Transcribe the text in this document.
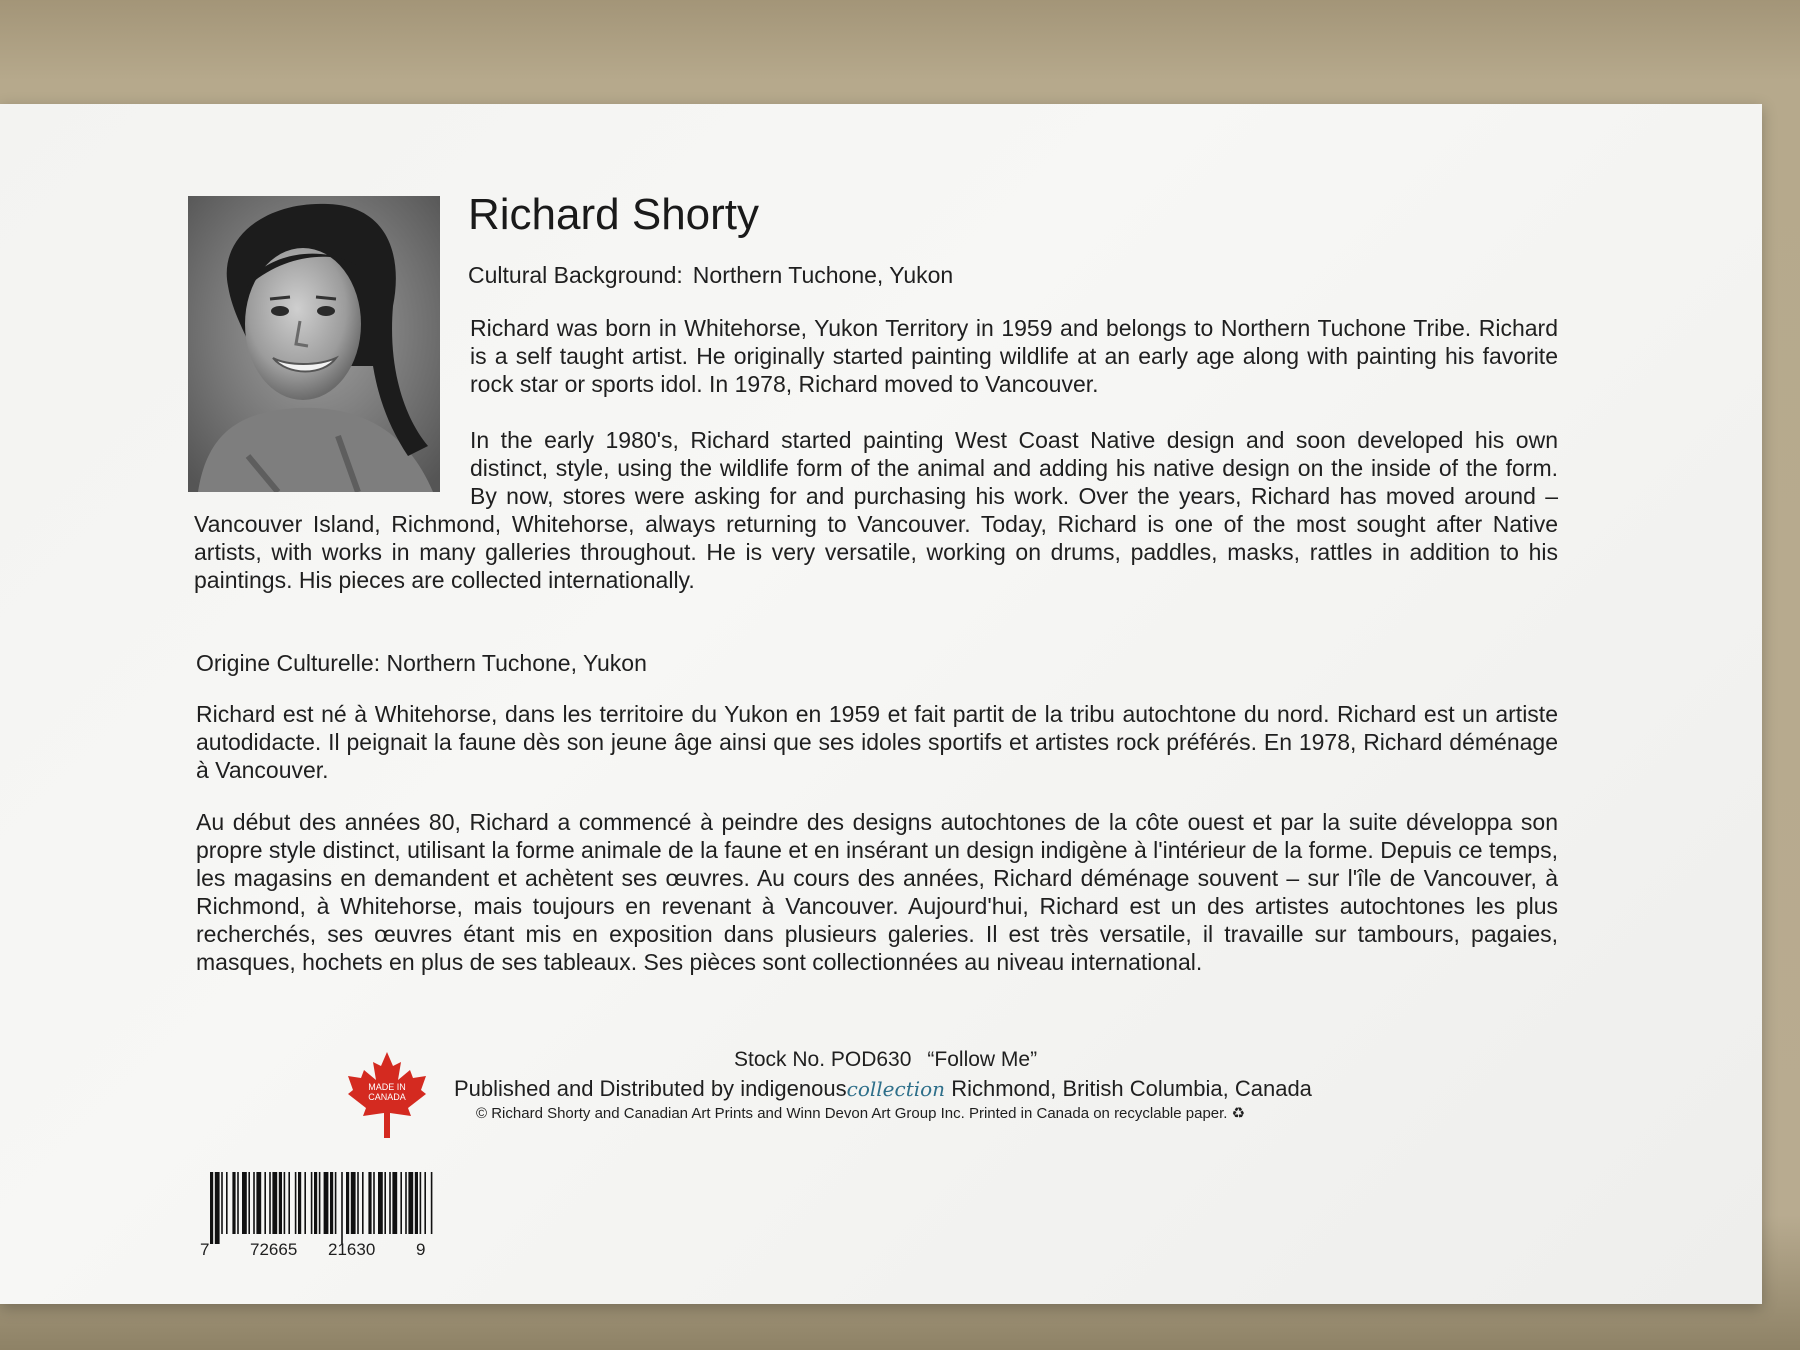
Richard Shorty
Cultural Background: Northern Tuchone, Yukon

Richard was born in Whitehorse, Yukon Territory in 1959 and belongs to Northern Tuchone Tribe. Richard is a self taught artist. He originally started painting wildlife at an early age along with painting his favorite rock star or sports idol. In 1978, Richard moved to Vancouver.

In the early 1980's, Richard started painting West Coast Native design and soon developed his own distinct, style, using the wildlife form of the animal and adding his native design on the inside of the form. By now, stores were asking for and purchasing his work. Over the years, Richard has moved around – Vancouver Island, Richmond, Whitehorse, always returning to Vancouver. Today, Richard is one of the most sought after Native artists, with works in many galleries throughout. He is very versatile, working on drums, paddles, masks, rattles in addition to his paintings. His pieces are collected internationally.

Origine Culturelle: Northern Tuchone, Yukon

Richard est né à Whitehorse, dans les territoire du Yukon en 1959 et fait partit de la tribu autochtone du nord. Richard est un artiste autodidacte. Il peignait la faune dès son jeune âge ainsi que ses idoles sportifs et artistes rock préférés. En 1978, Richard déménage à Vancouver.

Au début des années 80, Richard a commencé à peindre des designs autochtones de la côte ouest et par la suite développa son propre style distinct, utilisant la forme animale de la faune et en insérant un design indigène à l'intérieur de la forme. Depuis ce temps, les magasins en demandent et achètent ses œuvres. Au cours des années, Richard déménage souvent – sur l'île de Vancouver, à Richmond, à Whitehorse, mais toujours en revenant à Vancouver. Aujourd'hui, Richard est un des artistes autochtones les plus recherchés, ses œuvres étant mis en exposition dans plusieurs galeries. Il est très versatile, il travaille sur tambours, pagaies, masques, hochets en plus de ses tableaux. Ses pièces sont collectionnées au niveau international.

MADE IN
CANADA
Stock No. POD630 “Follow Me”
Published and Distributed by indigenouscollection Richmond, British Columbia, Canada
© Richard Shorty and Canadian Art Prints and Winn Devon Art Group Inc. Printed in Canada on recyclable paper. ♻
7 72665 21630 9
